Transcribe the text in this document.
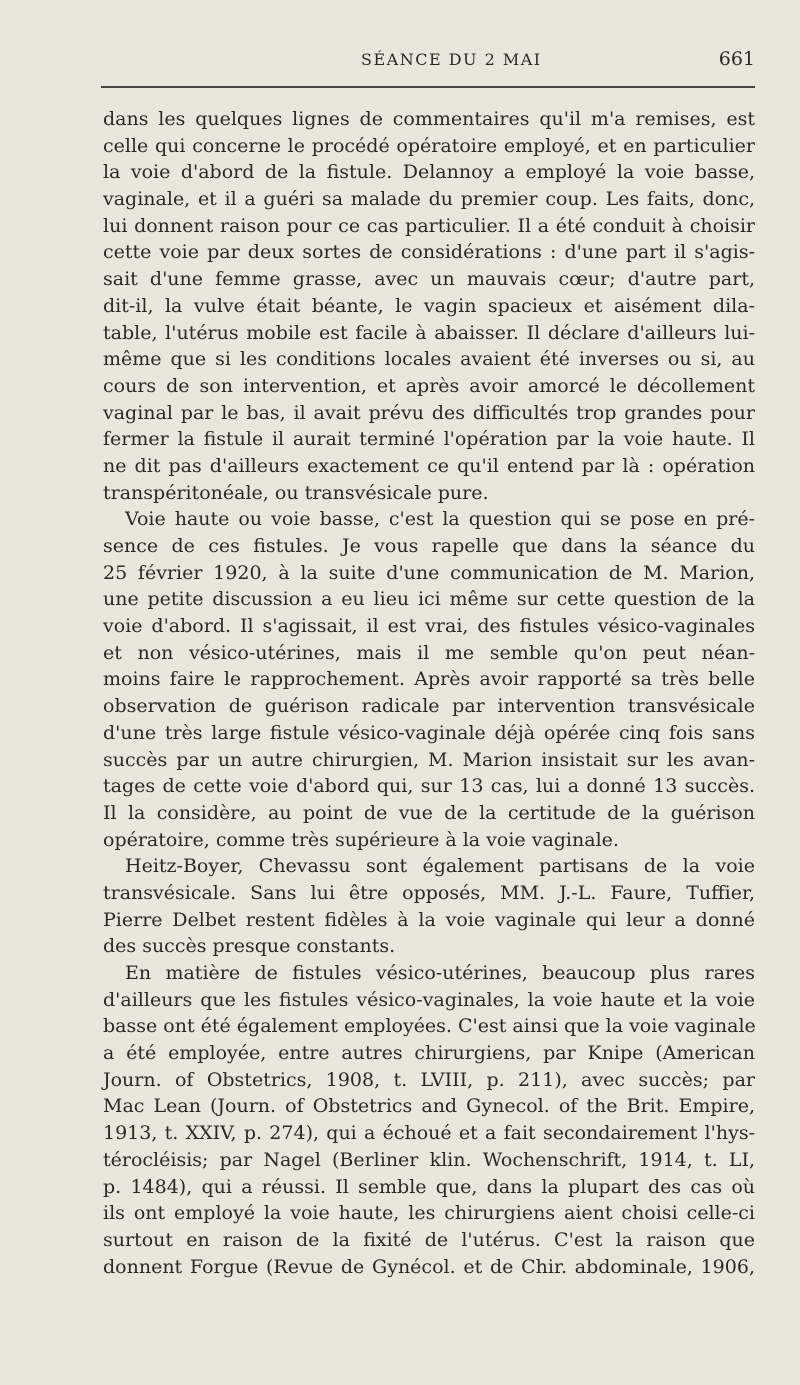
SÉANCE DU 2 MAI	661
dans les quelques lignes de commentaires qu'il m'a remises, est
celle qui concerne le procédé opératoire employé, et en particulier
la voie d'abord de la fistule. Delannoy a employé la voie basse,
vaginale, et il a guéri sa malade du premier coup. Les faits, donc,
lui donnent raison pour ce cas particulier. Il a été conduit à choisir
cette voie par deux sortes de considérations : d'une part il s'agis-
sait d'une femme grasse, avec un mauvais cœur; d'autre part,
dit-il, la vulve était béante, le vagin spacieux et aisément dila-
table, l'utérus mobile est facile à abaisser. Il déclare d'ailleurs lui-
même que si les conditions locales avaient été inverses ou si, au
cours de son intervention, et après avoir amorcé le décollement
vaginal par le bas, il avait prévu des difficultés trop grandes pour
fermer la fistule il aurait terminé l'opération par la voie haute. Il
ne dit pas d'ailleurs exactement ce qu'il entend par là : opération
transpéritonéale, ou transvésicale pure.
Voie haute ou voie basse, c'est la question qui se pose en pré-
sence de ces fistules. Je vous rapelle que dans la séance du
25 février 1920, à la suite d'une communication de M. Marion,
une petite discussion a eu lieu ici même sur cette question de la
voie d'abord. Il s'agissait, il est vrai, des fistules vésico-vaginales
et non vésico-utérines, mais il me semble qu'on peut néan-
moins faire le rapprochement. Après avoir rapporté sa très belle
observation de guérison radicale par intervention transvésicale
d'une très large fistule vésico-vaginale déjà opérée cinq fois sans
succès par un autre chirurgien, M. Marion insistait sur les avan-
tages de cette voie d'abord qui, sur 13 cas, lui a donné 13 succès.
Il la considère, au point de vue de la certitude de la guérison
opératoire, comme très supérieure à la voie vaginale.
Heitz-Boyer, Chevassu sont également partisans de la voie
transvésicale. Sans lui être opposés, MM. J.-L. Faure, Tuffier,
Pierre Delbet restent fidèles à la voie vaginale qui leur a donné
des succès presque constants.
En matière de fistules vésico-utérines, beaucoup plus rares
d'ailleurs que les fistules vésico-vaginales, la voie haute et la voie
basse ont été également employées. C'est ainsi que la voie vaginale
a été employée, entre autres chirurgiens, par Knipe (American
Journ. of Obstetrics, 1908, t. LVIII, p. 211), avec succès; par
Mac Lean (Journ. of Obstetrics and Gynecol. of the Brit. Empire,
1913, t. XXIV, p. 274), qui a échoué et a fait secondairement l'hys-
térocléisis; par Nagel (Berliner klin. Wochenschrift, 1914, t. LI,
p. 1484), qui a réussi. Il semble que, dans la plupart des cas où
ils ont employé la voie haute, les chirurgiens aient choisi celle-ci
surtout en raison de la fixité de l'utérus. C'est la raison que
donnent Forgue (Revue de Gynécol. et de Chir. abdominale, 1906,
